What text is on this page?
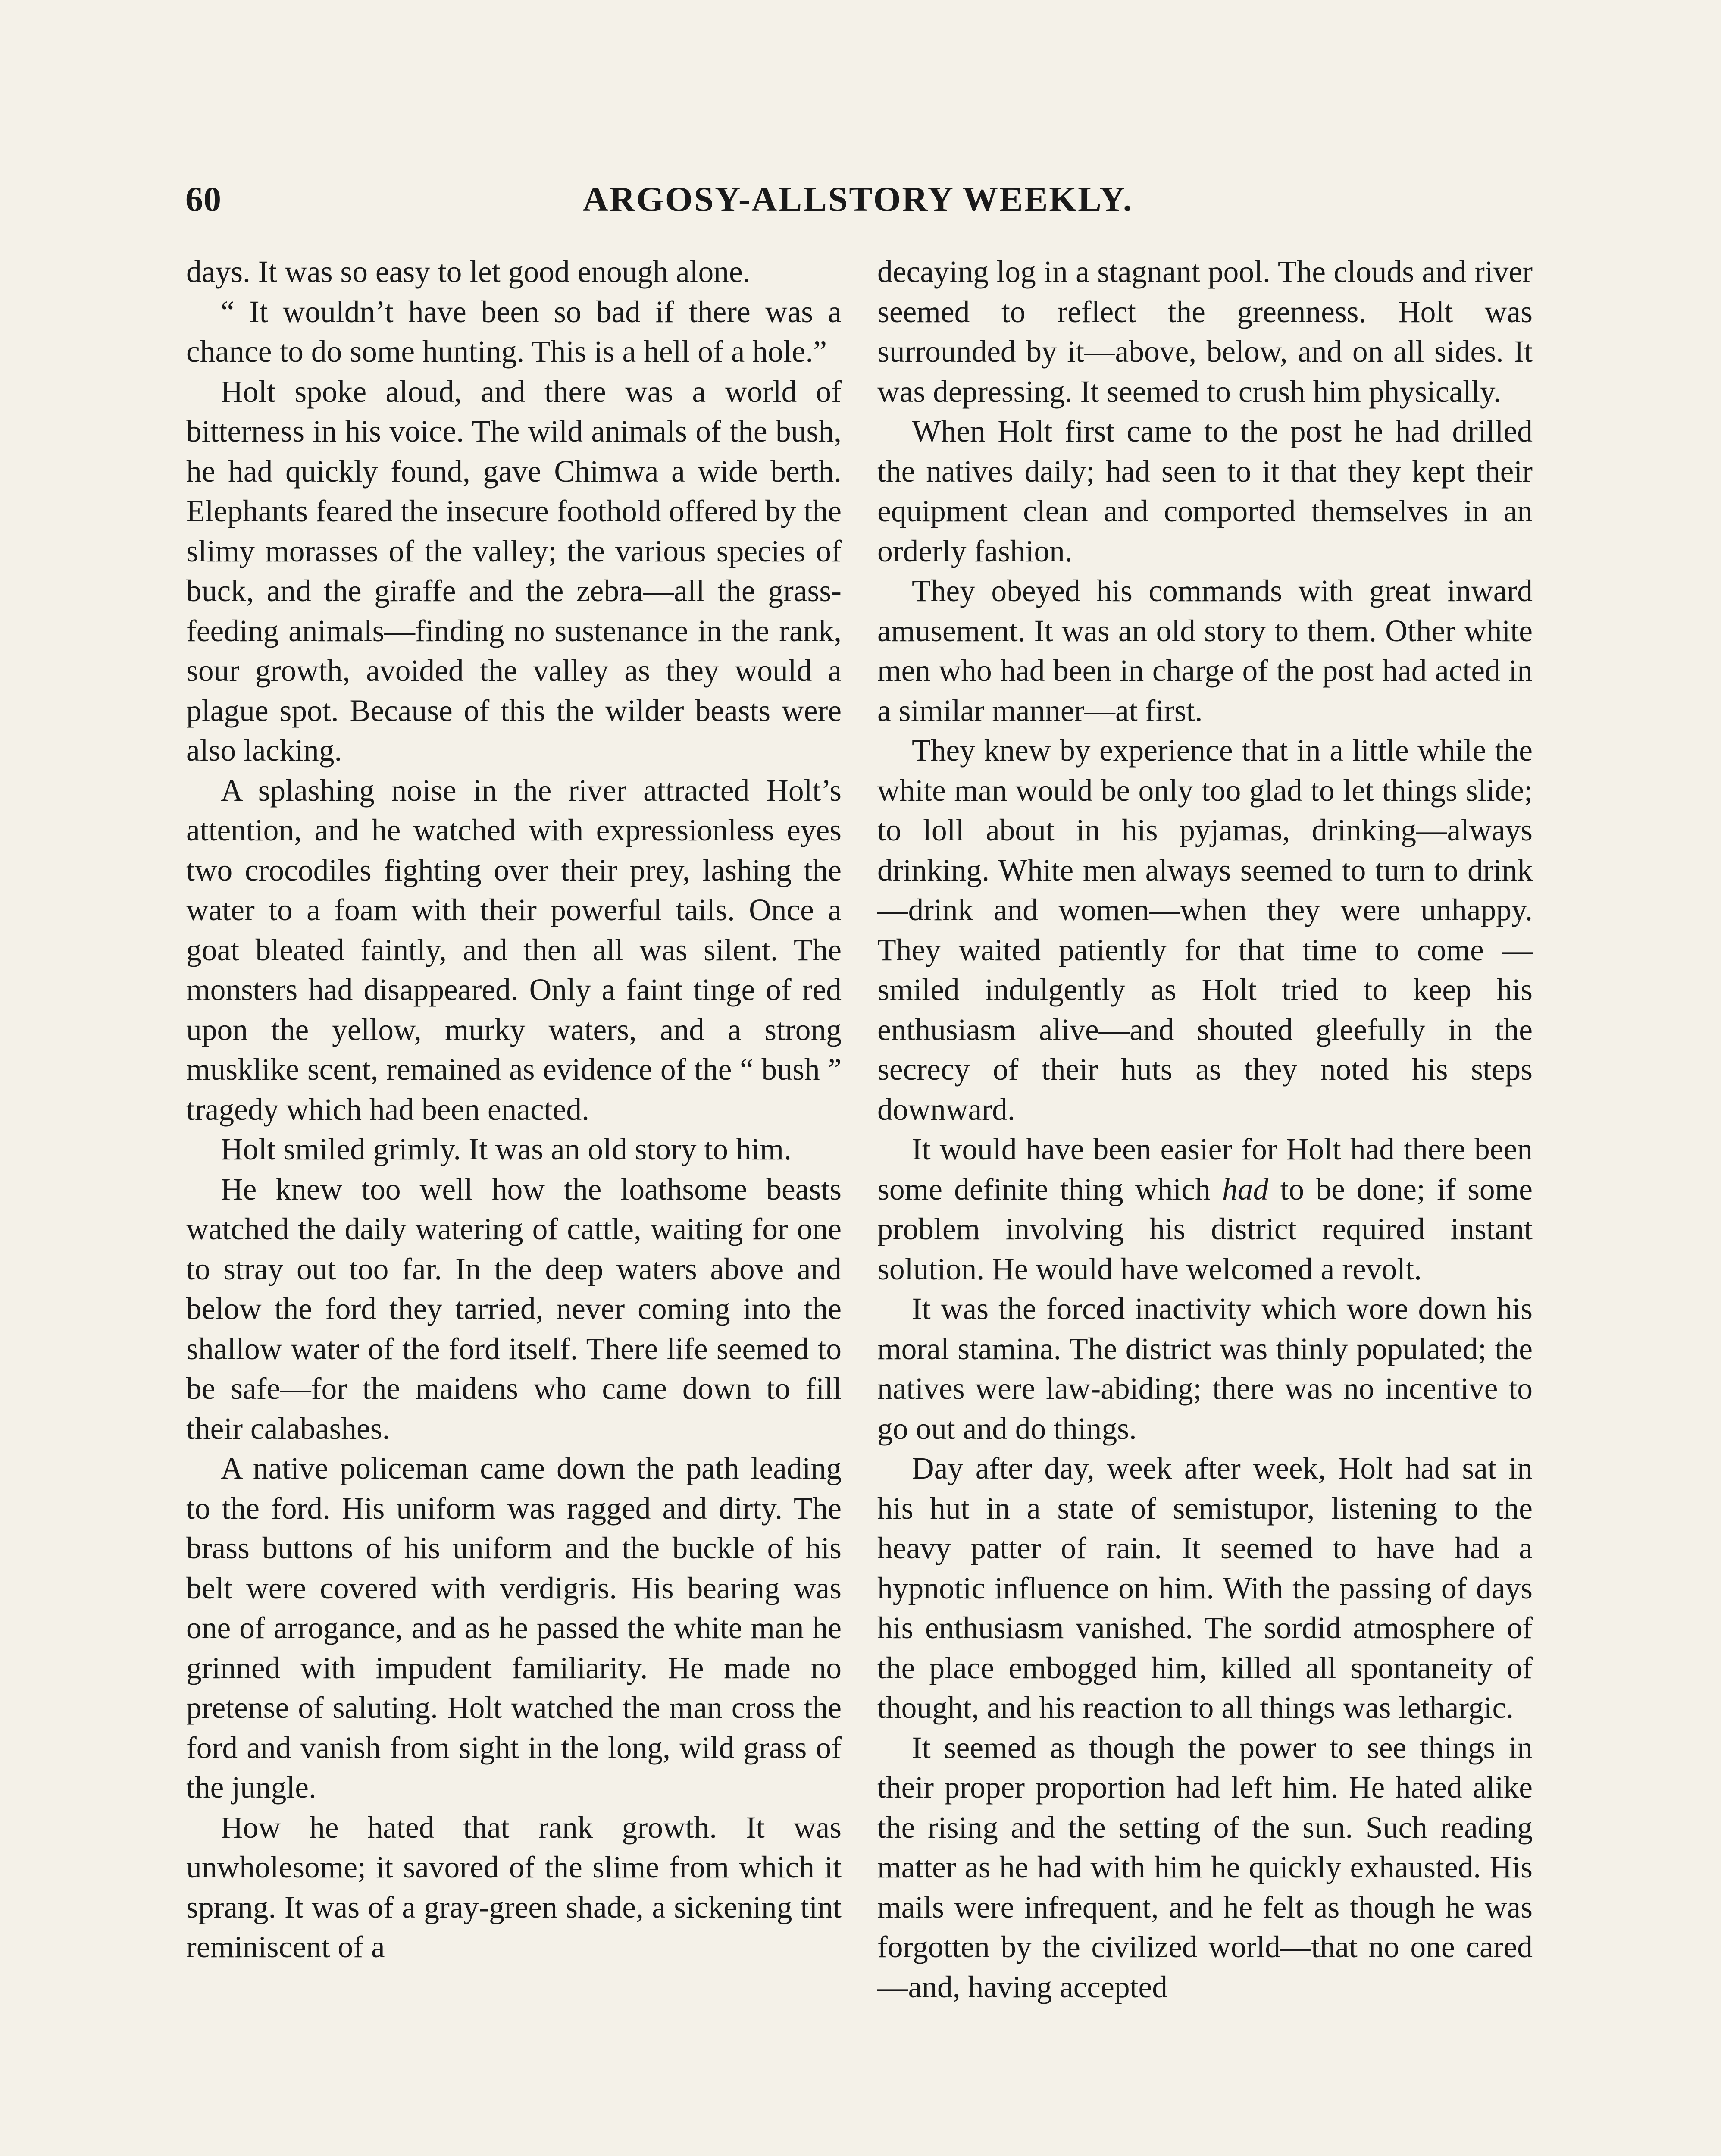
60	ARGOSY-ALLSTORY WEEKLY.

days. It was so easy to let good enough alone.

“ It wouldn’t have been so bad if there was a chance to do some hunting. This is a hell of a hole.”

Holt spoke aloud, and there was a world of bitterness in his voice. The wild animals of the bush, he had quickly found, gave Chimwa a wide berth. Elephants feared the insecure foothold offered by the slimy morasses of the valley; the various species of buck, and the giraffe and the zebra—all the grass-feeding animals—finding no sustenance in the rank, sour growth, avoided the valley as they would a plague spot. Because of this the wilder beasts were also lacking.

A splashing noise in the river attracted Holt’s attention, and he watched with expressionless eyes two crocodiles fighting over their prey, lashing the water to a foam with their powerful tails. Once a goat bleated faintly, and then all was silent. The monsters had disappeared. Only a faint tinge of red upon the yellow, murky waters, and a strong musklike scent, remained as evidence of the “ bush ” tragedy which had been enacted.

Holt smiled grimly. It was an old story to him.

He knew too well how the loathsome beasts watched the daily watering of cattle, waiting for one to stray out too far. In the deep waters above and below the ford they tarried, never coming into the shallow water of the ford itself. There life seemed to be safe—for the maidens who came down to fill their calabashes.

A native policeman came down the path leading to the ford. His uniform was ragged and dirty. The brass buttons of his uniform and the buckle of his belt were covered with verdigris. His bearing was one of arrogance, and as he passed the white man he grinned with impudent familiarity. He made no pretense of saluting. Holt watched the man cross the ford and vanish from sight in the long, wild grass of the jungle.

How he hated that rank growth. It was unwholesome; it savored of the slime from which it sprang. It was of a gray-green shade, a sickening tint reminiscent of a

decaying log in a stagnant pool. The clouds and river seemed to reflect the greenness. Holt was surrounded by it—above, below, and on all sides. It was depressing. It seemed to crush him physically.

When Holt first came to the post he had drilled the natives daily; had seen to it that they kept their equipment clean and comported themselves in an orderly fashion.

They obeyed his commands with great inward amusement. It was an old story to them. Other white men who had been in charge of the post had acted in a similar manner—at first.

They knew by experience that in a little while the white man would be only too glad to let things slide; to loll about in his pyjamas, drinking—always drinking. White men always seemed to turn to drink—drink and women—when they were unhappy. They waited patiently for that time to come —smiled indulgently as Holt tried to keep his enthusiasm alive—and shouted gleefully in the secrecy of their huts as they noted his steps downward.

It would have been easier for Holt had there been some definite thing which had to be done; if some problem involving his district required instant solution. He would have welcomed a revolt.

It was the forced inactivity which wore down his moral stamina. The district was thinly populated; the natives were law-abiding; there was no incentive to go out and do things.

Day after day, week after week, Holt had sat in his hut in a state of semistupor, listening to the heavy patter of rain. It seemed to have had a hypnotic influence on him. With the passing of days his enthusiasm vanished. The sordid atmosphere of the place embogged him, killed all spontaneity of thought, and his reaction to all things was lethargic.

It seemed as though the power to see things in their proper proportion had left him. He hated alike the rising and the setting of the sun. Such reading matter as he had with him he quickly exhausted. His mails were infrequent, and he felt as though he was forgotten by the civilized world—that no one cared—and, having accepted
